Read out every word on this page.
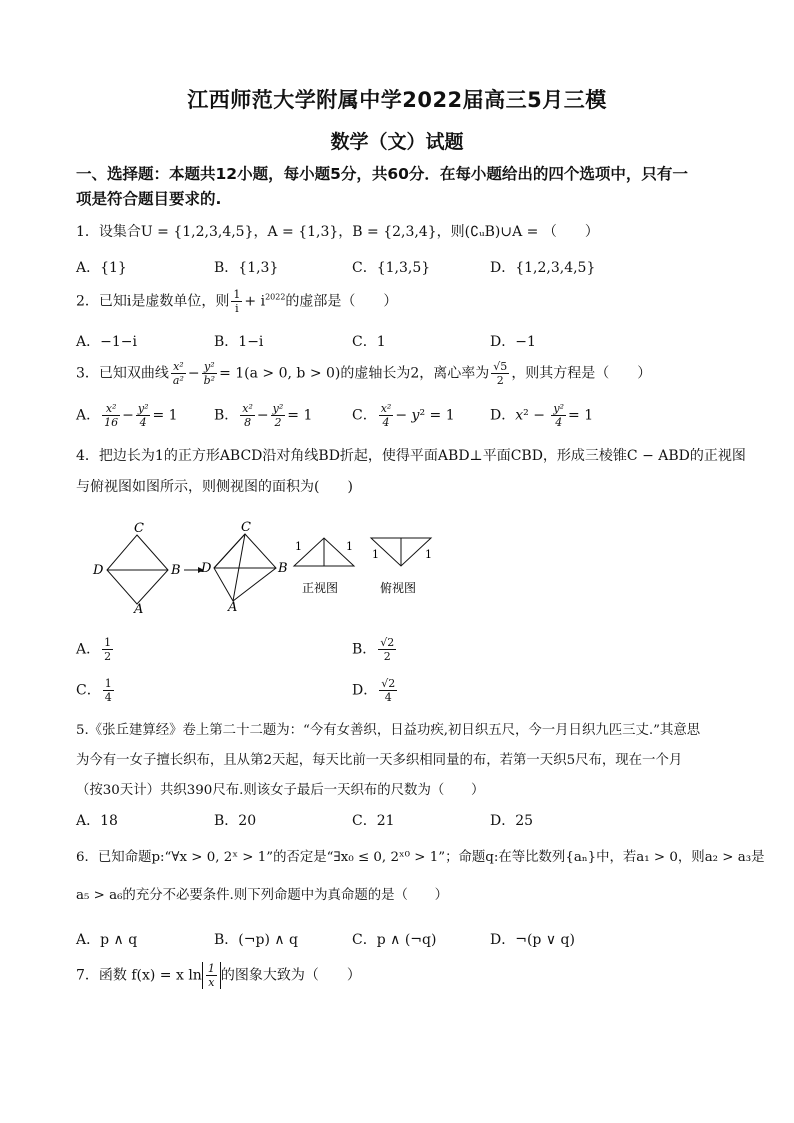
江西师范大学附属中学2022届高三5月三模
数学（文）试题
一、选择题：本题共12小题，每小题5分，共60分．在每小题给出的四个选项中，只有一
项是符合题目要求的.
1．设集合U = {1,2,3,4,5}，A = {1,3}，B = {2,3,4}，则(∁ᵤB)∪A = （　　）
A．{1}	B．{1,3}	C．{1,3,5}	D．{1,2,3,4,5}
2．已知i是虚数单位，则 $\frac{1}{i} + i^{2022}$的虚部是（　　）
A．−1−i	B．1−i	C．1	D．−1
3．已知双曲线 $\frac{\text{x²}}{\text{a²}} - \frac{\text{y²}}{\text{b²}} = 1(a > 0$, b > 0)的虚轴长为2，离心率为 $\frac{√5}{2}$ ，则其方程是（　　）
A． $\frac{\text{x²}}{16} - \frac{\text{y²}}{4} = 1$	B． $\frac{\text{x²}}{8} - \frac{\text{y²}}{2} = 1$	C． $\frac{\text{x²}}{4} - y^2 = 1$	D．$x^2 - \frac{\text{y²}}{4} = 1$
4．把边长为1的正方形ABCD沿对角线BD折起，使得平面ABD⊥平面CBD，形成三棱锥C − ABD的正视图
与俯视图如图所示，则侧视图的面积为(　　)
C
D	B
A
C
D	B
A
1	1
正视图
1	1
俯视图
A． $\frac{1}{2}$	B． $\frac{√2}{2}$
C． $\frac{1}{4}$	D． $\frac{√2}{4}$
5.《张丘建算经》卷上第二十二题为：“今有女善织，日益功疾,初日织五尺，今一月日织九匹三丈.”其意思
为今有一女子擅长织布，且从第2天起，每天比前一天多织相同量的布，若第一天织5尺布，现在一个月
（按30天计）共织390尺布.则该女子最后一天织布的尺数为（　　）
A．18	B．20	C．21	D．25
6．已知命题p:“∀x > 0, 2ˣ > 1”的否定是“∃x₀ ≤ 0, 2ˣ⁰ > 1”；命题q:在等比数列{aₙ}中，若a₁ > 0，则a₂ > a₃是
a₅ > a₆的充分不必要条件.则下列命题中为真命题的是（　　）
A．p ∧ q	B．(¬p) ∧ q	C．p ∧ (¬q)	D．¬(p ∨ q)
7．函数 f(x) = x $\ln \frac{1}{x}$ 的图象大致为（　　）
